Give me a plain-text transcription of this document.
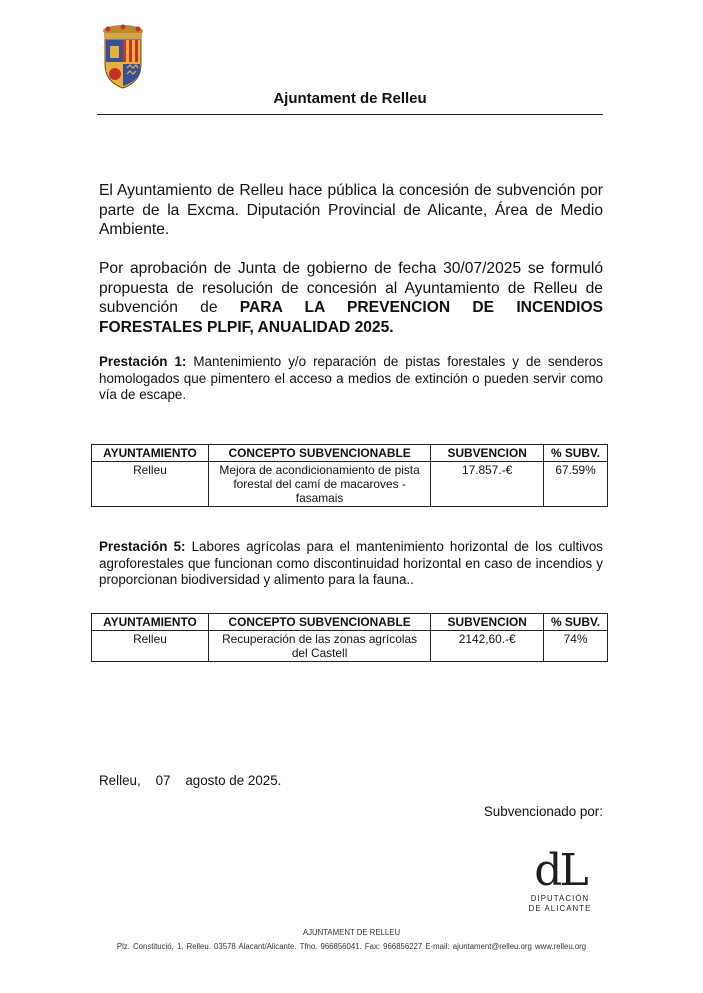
Ajuntament de Relleu
El Ayuntamiento de Relleu hace pública la concesión de subvención por parte de la Excma. Diputación Provincial de Alicante, Área de Medio Ambiente.
Por aprobación de Junta de gobierno de fecha 30/07/2025 se formuló propuesta de resolución de concesión al Ayuntamiento de Relleu de subvención de PARA LA PREVENCION DE INCENDIOS FORESTALES PLPIF, ANUALIDAD 2025.
Prestación 1: Mantenimiento y/o reparación de pistas forestales y de senderos homologados que pimentero el acceso a medios de extinción o pueden servir como vía de escape.
AYUNTAMIENTO	CONCEPTO SUBVENCIONABLE	SUBVENCION	% SUBV.
Relleu	Mejora de acondicionamiento de pista forestal del camí de macaroves - fasamais	17.857.-€	67.59%
Prestación 5: Labores agrícolas para el mantenimiento horizontal de los cultivos agroforestales que funcionan como discontinuidad horizontal en caso de incendios y proporcionan biodiversidad y alimento para la fauna..
AYUNTAMIENTO	CONCEPTO SUBVENCIONABLE	SUBVENCION	% SUBV.
Relleu	Recuperación de las zonas agrícolas del Castell	2142,60.-€	74%
Relleu,    07    agosto de 2025.
Subvencionado por:
dL
DIPUTACIÓN
DE ALICANTE
AJUNTAMENT DE RELLEU
Plz. Constitució, 1, Relleu. 03578 Alacant/Alicante. Tfno. 966856041. Fax: 966856227 E-mail: ajuntament@relleu.org www.relleu.org
